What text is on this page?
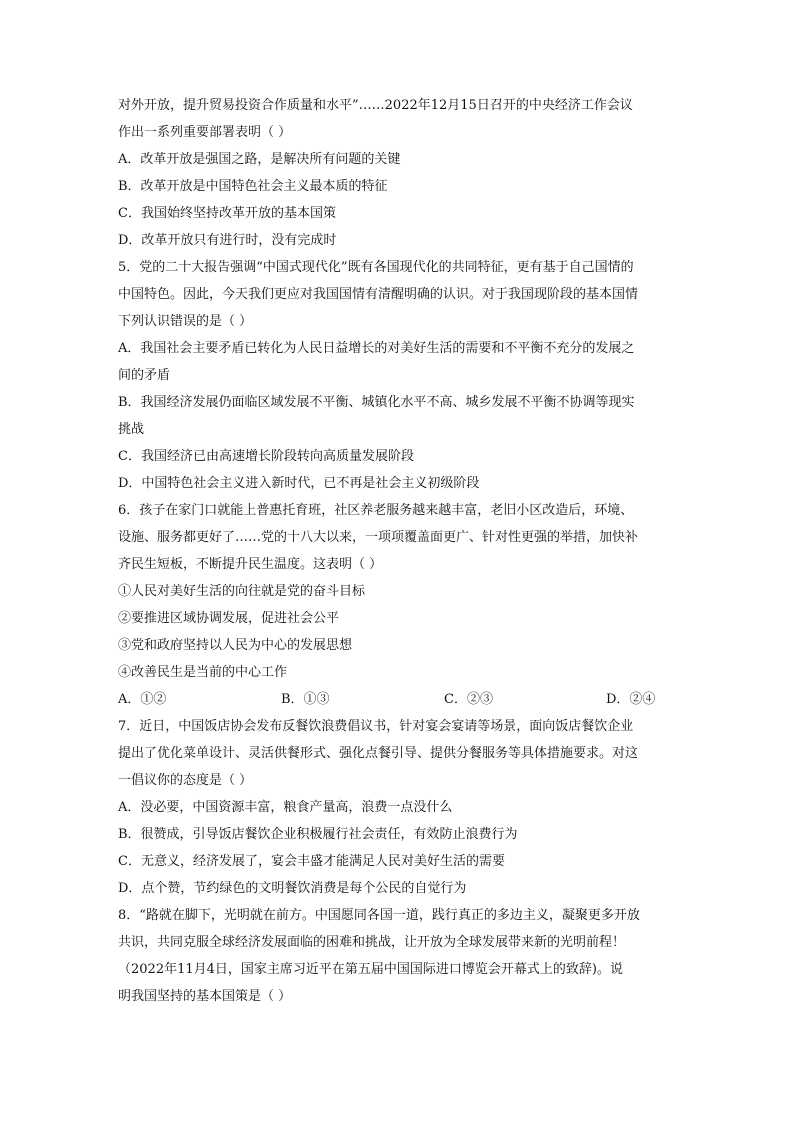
对外开放，提升贸易投资合作质量和水平”……2022年12月15日召开的中央经济工作会议
作出一系列重要部署表明（ ）
A．改革开放是强国之路，是解决所有问题的关键
B．改革开放是中国特色社会主义最本质的特征
C．我国始终坚持改革开放的基本国策
D．改革开放只有进行时，没有完成时
5．党的二十大报告强调“中国式现代化”既有各国现代化的共同特征，更有基于自己国情的
中国特色。因此，今天我们更应对我国国情有清醒明确的认识。对于我国现阶段的基本国情
下列认识错误的是（ ）
A．我国社会主要矛盾已转化为人民日益增长的对美好生活的需要和不平衡不充分的发展之
间的矛盾
B．我国经济发展仍面临区域发展不平衡、城镇化水平不高、城乡发展不平衡不协调等现实
挑战
C．我国经济已由高速增长阶段转向高质量发展阶段
D．中国特色社会主义进入新时代，已不再是社会主义初级阶段
6．孩子在家门口就能上普惠托育班，社区养老服务越来越丰富，老旧小区改造后，环境、
设施、服务都更好了……党的十八大以来，一项项覆盖面更广、针对性更强的举措，加快补
齐民生短板，不断提升民生温度。这表明（ ）
①人民对美好生活的向往就是党的奋斗目标
②要推进区域协调发展，促进社会公平
③党和政府坚持以人民为中心的发展思想
④改善民生是当前的中心工作
A．①②	B．①③	C．②③	D．②④
7．近日，中国饭店协会发布反餐饮浪费倡议书，针对宴会宴请等场景，面向饭店餐饮企业
提出了优化菜单设计、灵活供餐形式、强化点餐引导、提供分餐服务等具体措施要求。对这
一倡议你的态度是（ ）
A．没必要，中国资源丰富，粮食产量高，浪费一点没什么
B．很赞成，引导饭店餐饮企业积极履行社会责任，有效防止浪费行为
C．无意义，经济发展了，宴会丰盛才能满足人民对美好生活的需要
D．点个赞，节约绿色的文明餐饮消费是每个公民的自觉行为
8．“路就在脚下，光明就在前方。中国愿同各国一道，践行真正的多边主义，凝聚更多开放
共识，共同克服全球经济发展面临的困难和挑战，让开放为全球发展带来新的光明前程！
（2022年11月4日，国家主席习近平在第五届中国国际进口博览会开幕式上的致辞)。说
明我国坚持的基本国策是（ ）
